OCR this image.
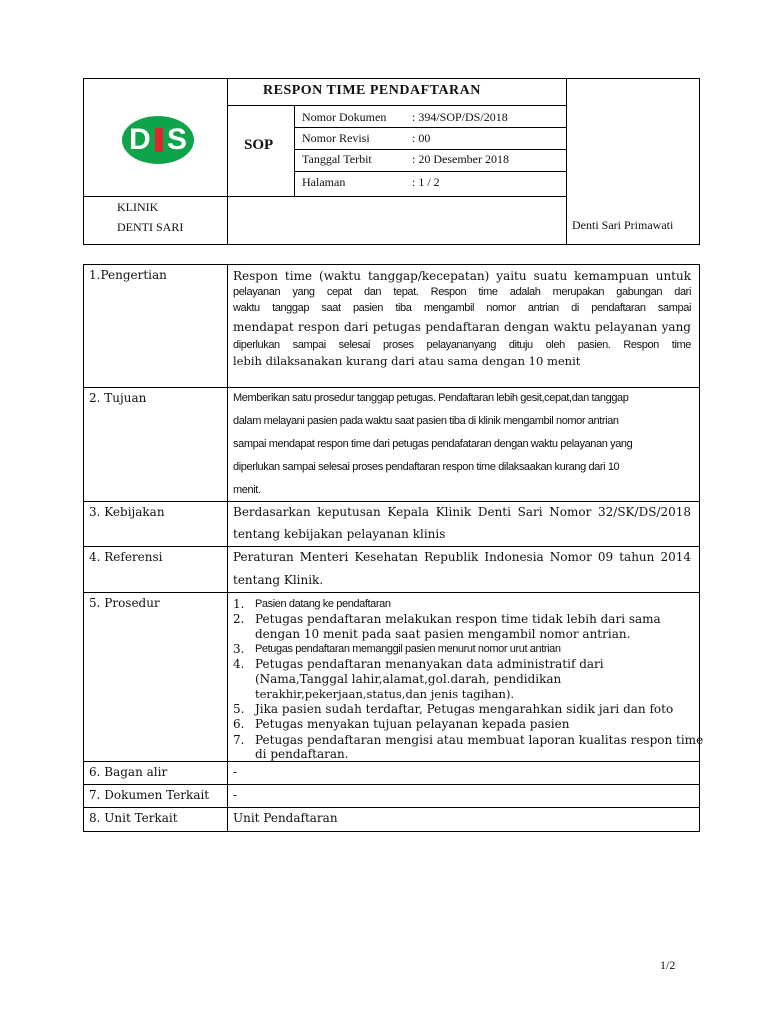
D S
KLINIK
DENTI SARI
RESPON TIME PENDAFTARAN
SOP
Nomor Dokumen : 394/SOP/DS/2018
Nomor Revisi	: 00
Tanggal Terbit	: 20 Desember 2018
Halaman	: 1 / 2
Denti Sari Primawati
1.Pengertian	Respon time (waktu tanggap/kecepatan) yaitu suatu kemampuan untuk
pelayanan yang cepat dan tepat. Respon time adalah merupakan gabungan dari
waktu tanggap saat pasien tiba mengambil nomor antrian di pendaftaran sampai
mendapat respon dari petugas pendaftaran dengan waktu pelayanan yang
diperlukan sampai selesai proses pelayananyang dituju oleh pasien. Respon time
lebih dilaksanakan kurang dari atau sama dengan 10 menit
2. Tujuan	Memberikan satu prosedur tanggap petugas. Pendaftaran lebih gesit,cepat,dan tanggap
dalam melayani pasien pada waktu saat pasien tiba di klinik mengambil nomor antrian
sampai mendapat respon time dari petugas pendafataran dengan waktu pelayanan yang
diperlukan sampai selesai proses pendaftaran respon time dilaksaakan kurang dari 10
menit.
3. Kebijakan	Berdasarkan keputusan Kepala Klinik Denti Sari Nomor 32/SK/DS/2018
tentang kebijakan pelayanan klinis
4. Referensi	Peraturan Menteri Kesehatan Republik Indonesia Nomor 09 tahun 2014
tentang Klinik.
5. Prosedur	1. Pasien datang ke pendaftaran
2. Petugas pendaftaran melakukan respon time tidak lebih dari sama
dengan 10 menit pada saat pasien mengambil nomor antrian.
3. Petugas pendaftaran memanggil pasien menurut nomor urut antrian
4. Petugas pendaftaran menanyakan data administratif dari
(Nama,Tanggal lahir,alamat,gol.darah, pendidikan
terakhir,pekerjaan,status,dan jenis tagihan).
5. Jika pasien sudah terdaftar, Petugas mengarahkan sidik jari dan foto
6. Petugas menyakan tujuan pelayanan kepada pasien
7. Petugas pendaftaran mengisi atau membuat laporan kualitas respon time
di pendaftaran.
6. Bagan alir	-
7. Dokumen Terkait -
8. Unit Terkait	Unit Pendaftaran
1/2
